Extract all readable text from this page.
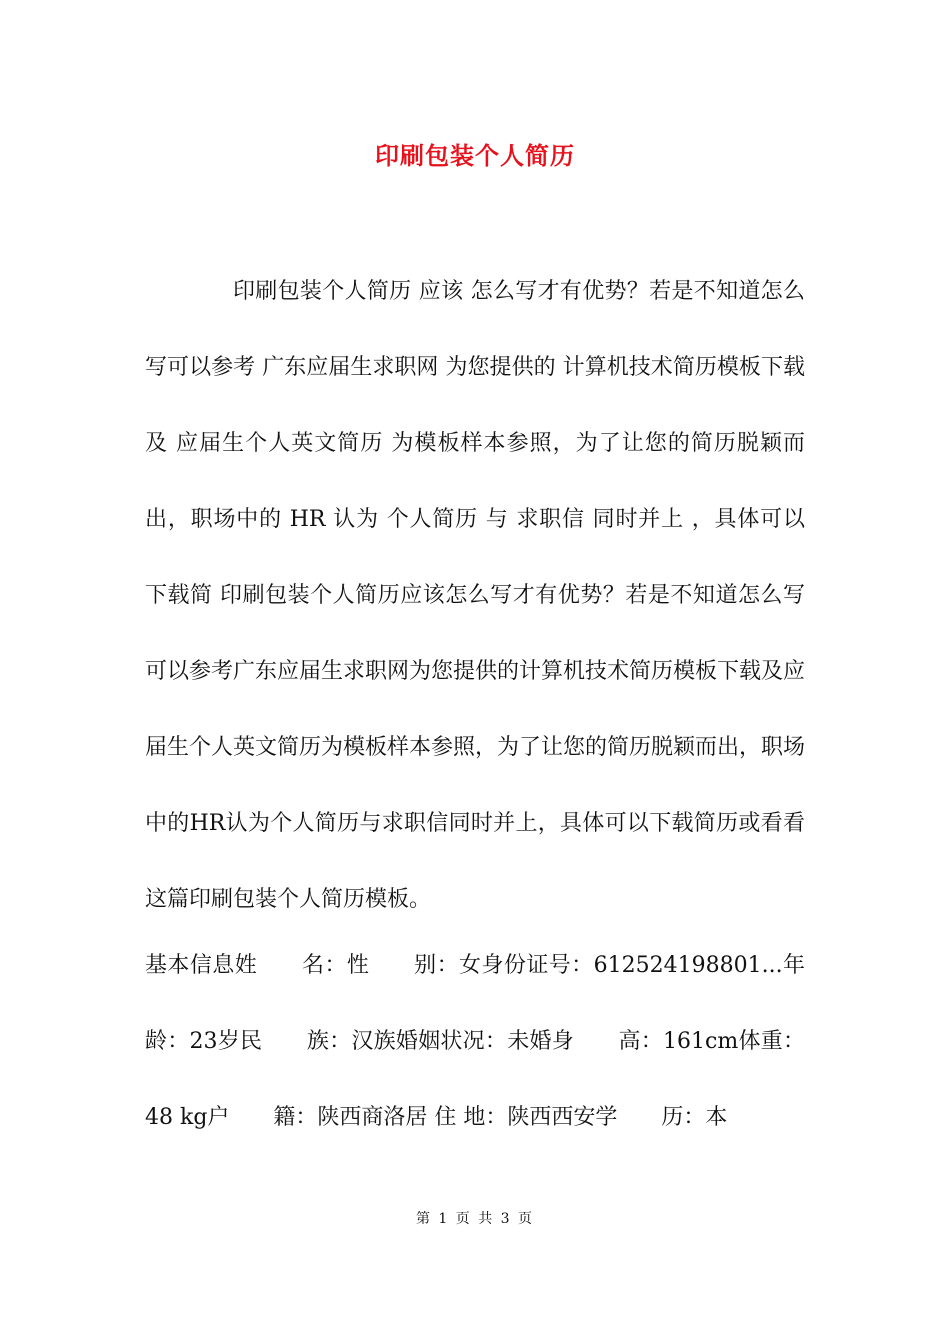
印刷包装个人简历
印刷包装个人简历 应该 怎么写才有优势？若是不知道怎么写可以参考 广东应届生求职网 为您提供的 计算机技术简历模板下载 及 应届生个人英文简历 为模板样本参照，为了让您的简历脱颖而出，职场中的 HR 认为 个人简历 与 求职信 同时并上 ，具体可以 下载简 印刷包装个人简历应该怎么写才有优势？若是不知道怎么写可以参考广东应届生求职网为您提供的计算机技术简历模板下载及应届生个人英文简历为模板样本参照，为了让您的简历脱颖而出，职场中的HR认为个人简历与求职信同时并上，具体可以下载简历或看看这篇印刷包装个人简历模板。
基本信息姓　　名：性　　别：女身份证号：612524198801...年龄：23岁民　　族：汉族婚姻状况：未婚身　　高：161cm体重：48 kg户　　籍：陕西商洛居 住 地：陕西西安学　　历：本
第 1 页 共 3 页
